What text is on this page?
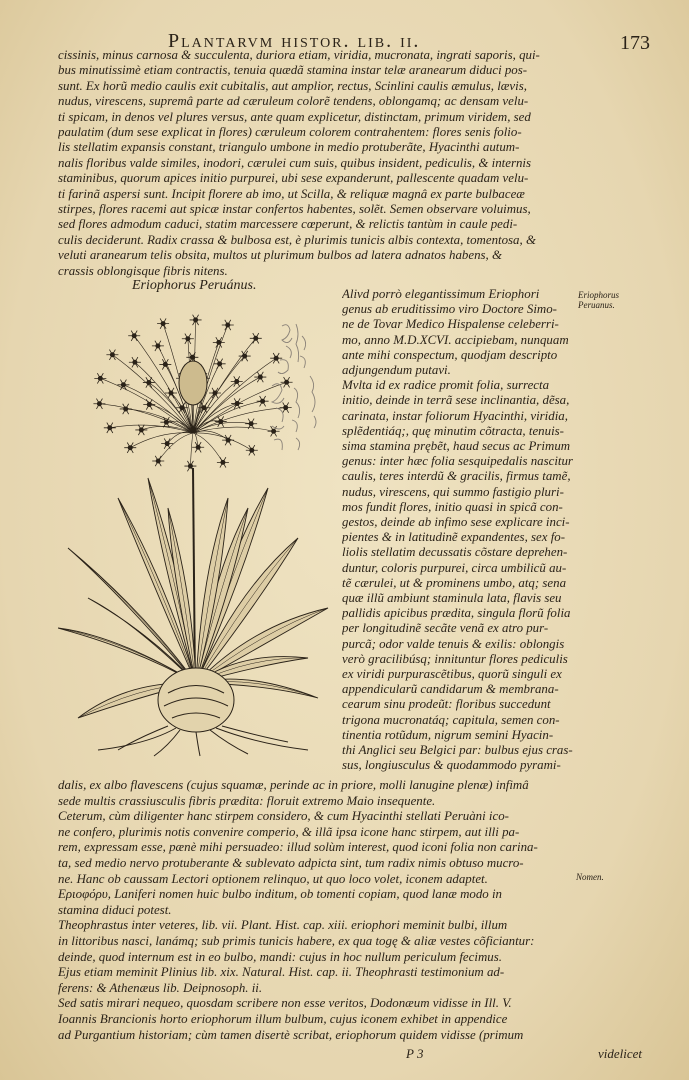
Plantarvm histor. lib. ii.	173
cissinis, minus carnosa & succulenta, duriora etiam, viridia, mucronata, ingrati saporis, qui-
bus minutissimè etiam contractis, tenuia quædã stamina instar telæ aranearum diduci pos-
sunt. Ex horũ medio caulis exit cubitalis, aut amplior, rectus, Scinlini caulis æmulus, lævis,
nudus, virescens, supremâ parte ad cæruleum colorẽ tendens, oblongamq; ac densam velu-
ti spicam, in denos vel plures versus, ante quam explicetur, distinctam, primum viridem, sed
paulatim (dum sese explicat in flores) cæruleum colorem contrahentem: flores senis folio-
lis stellatim expansis constant, triangulo umbone in medio protuberãte, Hyacinthi autum-
nalis floribus valde similes, inodori, cærulei cum suis, quibus insident, pediculis, & internis
staminibus, quorum apices initio purpurei, ubi sese expanderunt, pallescente quadam velu-
ti farinã aspersi sunt. Incipit florere ab imo, ut Scilla, & reliquæ magnâ ex parte bulbaceæ
stirpes, flores racemi aut spicæ instar confertos habentes, solẽt. Semen observare voluimus,
sed flores admodum caduci, statim marcessere cœperunt, & relictis tantùm in caule pedi-
culis deciderunt. Radix crassa & bulbosa est, è plurimis tunicis albis contexta, tomentosa, &
veluti aranearum telis obsita, multos ut plurimum bulbos ad latera adnatos habens, &
crassis oblongisque fibris nitens.
Eriophorus Peruánus.
Eriophorus
Peruanus.
Alivd porrò elegantissimum Eriophori
genus ab eruditissimo viro Doctore Simo-
ne de Tovar Medico Hispalense celeberri-
mo, anno M.D.XCVI. accipiebam, nunquam
ante mihi conspectum, quodjam descripto
adjungendum putavi.
Mvlta id ex radice promit folia, surrecta
initio, deinde in terrã sese inclinantia, dẽsa,
carinata, instar foliorum Hyacinthi, viridia,
splẽdentiáq;, quę minutim cõtracta, tenuis-
sima stamina prębẽt, haud secus ac Primum
genus: inter hæc folia sesquipedalis nascitur
caulis, teres interdũ & gracilis, firmus tamẽ,
nudus, virescens, qui summo fastigio pluri-
mos fundit flores, initio quasi in spicã con-
gestos, deinde ab infimo sese explicare inci-
pientes & in latitudinẽ expandentes, sex fo-
liolis stellatim decussatis cõstare deprehen-
duntur, coloris purpurei, circa umbilicũ au-
tẽ cærulei, ut & prominens umbo, atq; sena
quæ illũ ambiunt staminula lata, flavis seu
pallidis apicibus prædita, singula florũ folia
per longitudinẽ secãte venã ex atro pur-
purcã; odor valde tenuis & exilis: oblongis
verò gracilibúsq; innituntur flores pediculis
ex viridi purpurascẽtibus, quorũ singuli ex
appendicularũ candidarum & membrana-
cearum sinu prodeũt: floribus succedunt
trigona mucronatáq; capitula, semen con-
tinentia rotũdum, nigrum semini Hyacin-
thi Anglici seu Belgici par: bulbus ejus cras-
sus, longiusculus & quodammodo pyrami-
dalis, ex albo flavescens (cujus squamæ, perinde ac in priore, molli lanugine plenæ) infimâ
sede multis crassiusculis fibris prædita: floruit extremo Maio insequente.
Ceterum, cùm diligenter hanc stirpem considero, & cum Hyacinthi stellati Peruàni ico-
ne confero, plurimis notis convenire comperio, & illã ipsa icone hanc stirpem, aut illi pa-
rem, expressam esse, pænè mihi persuadeo: illud solùm interest, quod iconi folia non carina-
ta, sed medio nervo protuberante & sublevato adpicta sint, tum radix nimis obtuso mucro-
ne. Hanc ob caussam Lectori optionem relinquo, ut quo loco volet, iconem adaptet.
Εριοφόρυ, Laniferi nomen huic bulbo inditum, ob tomenti copiam, quod lanæ modo in
stamina diduci potest.
Theophrastus inter veteres, lib. vii. Plant. Hist. cap. xiii. eriophori meminit bulbi, illum
in littoribus nasci, lanámq; sub primis tunicis habere, ex qua togę & aliæ vestes cõficiantur:
deinde, quod internum est in eo bulbo, mandi: cujus in hoc nullum periculum fecimus.
Ejus etiam meminit Plinius lib. xix. Natural. Hist. cap. ii. Theophrasti testimonium ad-
ferens: & Athenæus lib. Deipnosoph. ii.
Sed satis mirari nequeo, quosdam scribere non esse veritos, Dodonæum vidisse in Ill. V.
Ioannis Brancionis horto eriophorum illum bulbum, cujus iconem exhibet in appendice
ad Purgantium historiam; cùm tamen disertè scribat, eriophorum quidem vidisse (primum
Nomen.
P 3	videlicet
